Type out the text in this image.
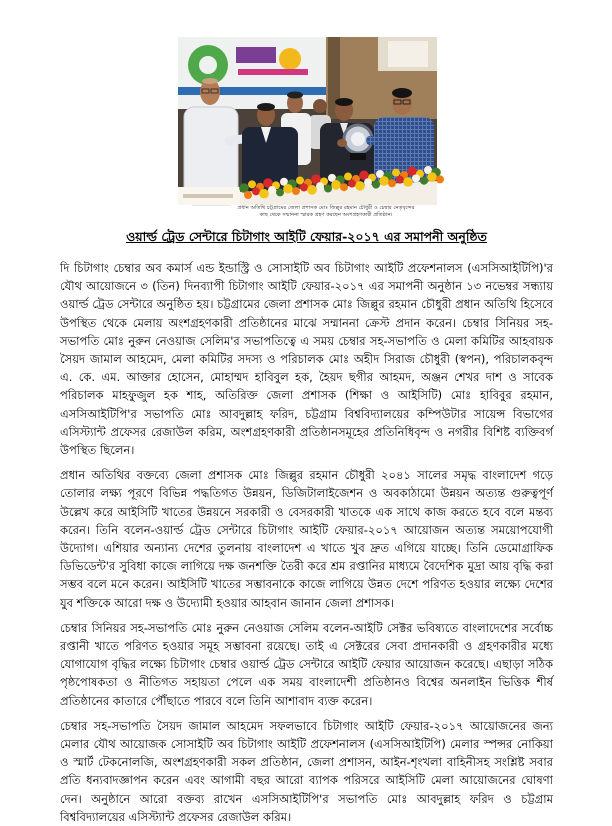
প্রধান অতিথি চট্টগ্রামের জেলা প্রশাসক মোঃ জিল্লুর রহমান চৌধুরী ও চেম্বার নেতৃবৃন্দের
কাছ থেকে সম্মাননা স্মারক গ্রহণ করছেন অংশগ্রহণকারী প্রতিষ্ঠান।
ওয়ার্ল্ড ট্রেড সেন্টারে চিটাগাং আইটি ফেয়ার-২০১৭ এর সমাপনী অনুষ্ঠিত

দি চিটাগাং চেম্বার অব কমার্স এন্ড ইন্ডাস্ট্রি ও সোসাইটি অব চিটাগাং আইটি প্রফেশনালস (এসসিআইটিপি)'র যৌথ আয়োজনে ৩ (তিন) দিনব্যাপী চিটাগাং আইটি ফেয়ার-২০১৭ এর সমাপনী অনুষ্ঠান ১৩ নভেম্বর সন্ধ্যায় ওয়ার্ল্ড ট্রেড সেন্টারে অনুষ্ঠিত হয়। চট্টগ্রামের জেলা প্রশাসক মোঃ জিল্লুর রহমান চৌধুরী প্রধান অতিথি হিসেবে উপস্থিত থেকে মেলায় অংশগ্রহণকারী প্রতিষ্ঠানের মাঝে সম্মাননা ক্রেস্ট প্রদান করেন। চেম্বার সিনিয়র সহ-সভাপতি মোঃ নুরুন নেওয়াজ সেলিম'র সভাপতিত্বে এ সময় চেম্বার সহ-সভাপতি ও মেলা কমিটির আহবায়ক সৈয়দ জামাল আহমেদ, মেলা কমিটির সদস্য ও পরিচালক মোঃ অহীদ সিরাজ চৌধুরী (স্বপন), পরিচালকবৃন্দ এ. কে. এম. আক্তার হোসেন, মোহাম্মদ হাবিবুল হক, হৈয়দ ছগীর আহমদ, অঞ্জন শেখর দাশ ও সাবেক পরিচালক মাহফুজুল হক শাহ, অতিরিক্ত জেলা প্রশাসক (শিক্ষা ও আইসিটি) মোঃ হাবিবুর রহমান, এসসিআইটিপি'র সভাপতি মোঃ আবদুল্লাহ ফরিদ, চট্টগ্রাম বিশ্ববিদ্যালয়ের কম্পিউটার সায়েন্স বিভাগের এসিস্ট্যান্ট প্রফেসর রেজাউল করিম, অংশগ্রহণকারী প্রতিষ্ঠানসমূহের প্রতিনিধিবৃন্দ ও নগরীর বিশিষ্ট ব্যক্তিবর্গ উপস্থিত ছিলেন।

প্রধান অতিথির বক্তব্যে জেলা প্রশাসক মোঃ জিল্লুর রহমান চৌধুরী ২০৪১ সালের সমৃদ্ধ বাংলাদেশ গড়ে তোলার লক্ষ্য পূরণে বিভিন্ন পদ্ধতিগত উন্নয়ন, ডিজিটালাইজেশন ও অবকাঠামো উন্নয়ন অত্যন্ত গুরুত্বপূর্ণ উল্লেখ করে আইসিটি খাতের উন্নয়নে সরকারী ও বেসরকারী খাতকে এক সাথে কাজ করতে হবে বলে মন্তব্য করেন। তিনি বলেন-ওয়ার্ল্ড ট্রেড সেন্টারে চিটাগাং আইটি ফেয়ার-২০১৭ আয়োজন অত্যন্ত সময়োপযোগী উদ্যোগ। এশিয়ার অন্যান্য দেশের তুলনায় বাংলাদেশ এ খাতে খুব দ্রুত এগিয়ে যাচ্ছে। তিনি ডেমোগ্রাফিক ডিভিডেন্ট'র সুবিধা কাজে লাগিয়ে দক্ষ জনশক্তি তৈরী করে শ্রম রপ্তানির মাধ্যমে বৈদেশিক মুদ্রা আয় বৃদ্ধি করা সম্ভব বলে মনে করেন। আইসিটি খাতের সম্ভাবনাকে কাজে লাগিয়ে উন্নত দেশে পরিণত হওয়ার লক্ষ্যে দেশের যুব শক্তিকে আরো দক্ষ ও উদ্যোমী হওয়ার আহবান জানান জেলা প্রশাসক।

চেম্বার সিনিয়র সহ-সভাপতি মোঃ নুরুন নেওয়াজ সেলিম বলেন-আইটি সেক্টর ভবিষ্যতে বাংলাদেশের সর্বোচ্চ রপ্তানী খাতে পরিণত হওয়ার সমূহ সম্ভাবনা রয়েছে। তাই এ সেক্টরের সেবা প্রদানকারী ও গ্রহণকারীর মধ্যে যোগাযোগ বৃদ্ধির লক্ষ্যে চিটাগাং চেম্বার ওয়ার্ল্ড ট্রেড সেন্টারে আইটি ফেয়ার আয়োজন করেছে। এছাড়া সঠিক পৃষ্ঠপোষকতা ও নীতিগত সহায়তা পেলে এক সময় বাংলাদেশী প্রতিষ্ঠানও বিশ্বের অনলাইন ভিত্তিক শীর্ষ প্রতিষ্ঠানের কাতারে পৌঁছাতে পারবে বলে তিনি আশাবাদ ব্যক্ত করেন।

চেম্বার সহ-সভাপতি সৈয়দ জামাল আহমেদ সফলভাবে চিটাগাং আইটি ফেয়ার-২০১৭ আয়োজনের জন্য মেলার যৌথ আয়োজক সোসাইটি অব চিটাগাং আইটি প্রফেশনালস (এসসিআইটিপি) মেলার স্পন্সর নোকিয়া ও স্মার্ট টেকনোলজি, অংশগ্রহণকারী সকল প্রতিষ্ঠান, জেলা প্রশাসন, আইন-শৃংখলা বাহিনীসহ সংশ্লিষ্ট সবার প্রতি ধন্যবাদজ্ঞাপন করেন এবং আগামী বছর আরো ব্যাপক পরিসরে আইসিটি মেলা আয়োজনের ঘোষণা দেন। অনুষ্ঠানে আরো বক্তব্য রাখেন এসসিআইটিপি'র সভাপতি মোঃ আবদুল্লাহ ফরিদ ও চট্টগ্রাম বিশ্ববিদ্যালয়ের এসিস্ট্যান্ট প্রফেসর রেজাউল করিম।
